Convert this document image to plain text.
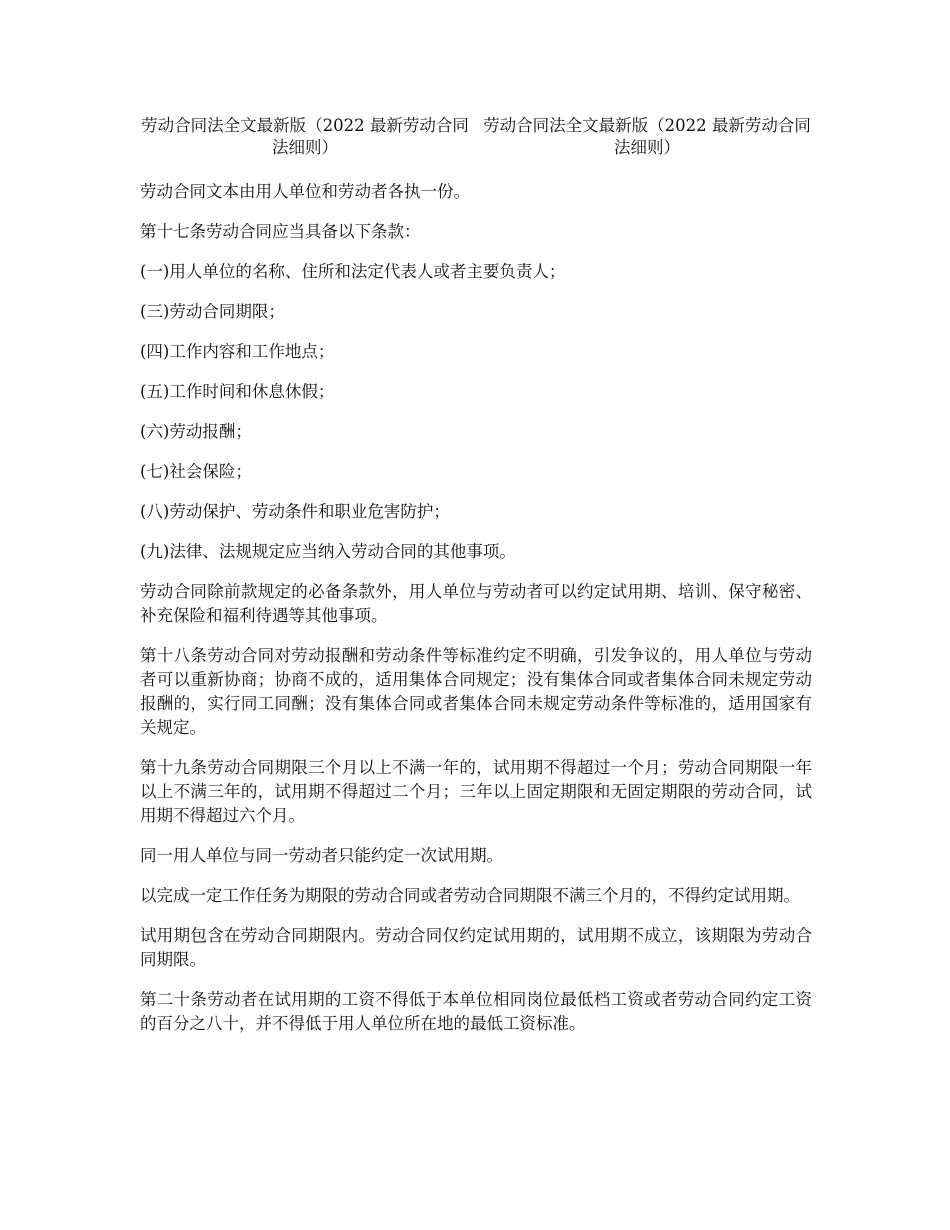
劳动合同法全文最新版（2022 最新劳动合同法细则）
劳动合同法全文最新版（2022 最新劳动合同法细则）

劳动合同文本由用人单位和劳动者各执一份。

第十七条劳动合同应当具备以下条款：

(一)用人单位的名称、住所和法定代表人或者主要负责人；

(三)劳动合同期限；

(四)工作内容和工作地点；

(五)工作时间和休息休假；

(六)劳动报酬；

(七)社会保险；

(八)劳动保护、劳动条件和职业危害防护；

(九)法律、法规规定应当纳入劳动合同的其他事项。

劳动合同除前款规定的必备条款外，用人单位与劳动者可以约定试用期、培训、保守秘密、补充保险和福利待遇等其他事项。

第十八条劳动合同对劳动报酬和劳动条件等标准约定不明确，引发争议的，用人单位与劳动者可以重新协商；协商不成的，适用集体合同规定；没有集体合同或者集体合同未规定劳动报酬的，实行同工同酬；没有集体合同或者集体合同未规定劳动条件等标准的，适用国家有关规定。

第十九条劳动合同期限三个月以上不满一年的，试用期不得超过一个月；劳动合同期限一年以上不满三年的，试用期不得超过二个月；三年以上固定期限和无固定期限的劳动合同，试用期不得超过六个月。

同一用人单位与同一劳动者只能约定一次试用期。

以完成一定工作任务为期限的劳动合同或者劳动合同期限不满三个月的，不得约定试用期。

试用期包含在劳动合同期限内。劳动合同仅约定试用期的，试用期不成立，该期限为劳动合同期限。

第二十条劳动者在试用期的工资不得低于本单位相同岗位最低档工资或者劳动合同约定工资的百分之八十，并不得低于用人单位所在地的最低工资标准。
